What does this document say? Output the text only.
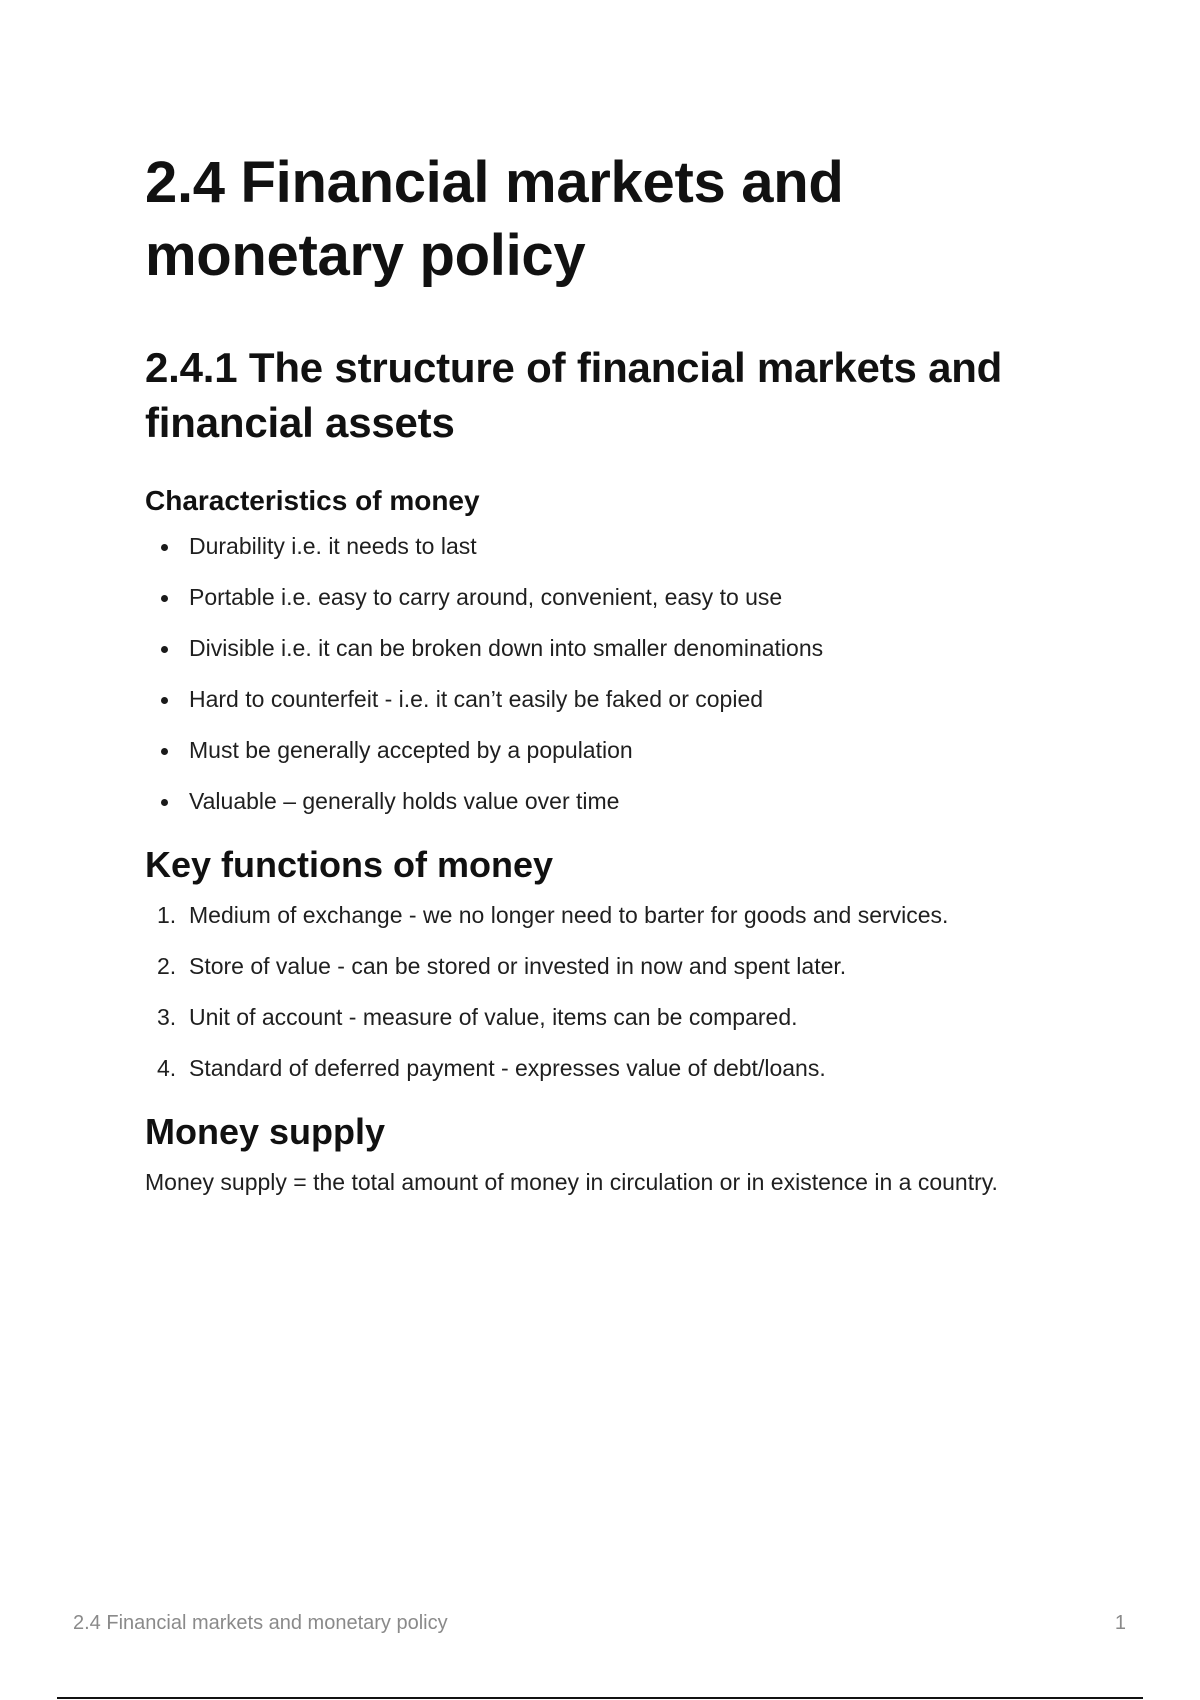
2.4 Financial markets and monetary policy
2.4.1 The structure of financial markets and financial assets
Characteristics of money
Durability i.e. it needs to last
Portable i.e. easy to carry around, convenient, easy to use
Divisible i.e. it can be broken down into smaller denominations
Hard to counterfeit - i.e. it can’t easily be faked or copied
Must be generally accepted by a population
Valuable – generally holds value over time
Key functions of money
1. Medium of exchange - we no longer need to barter for goods and services.
2. Store of value - can be stored or invested in now and spent later.
3. Unit of account - measure of value, items can be compared.
4. Standard of deferred payment - expresses value of debt/loans.
Money supply

Money supply = the total amount of money in circulation or in existence in a country.

2.4 Financial markets and monetary policy	1
